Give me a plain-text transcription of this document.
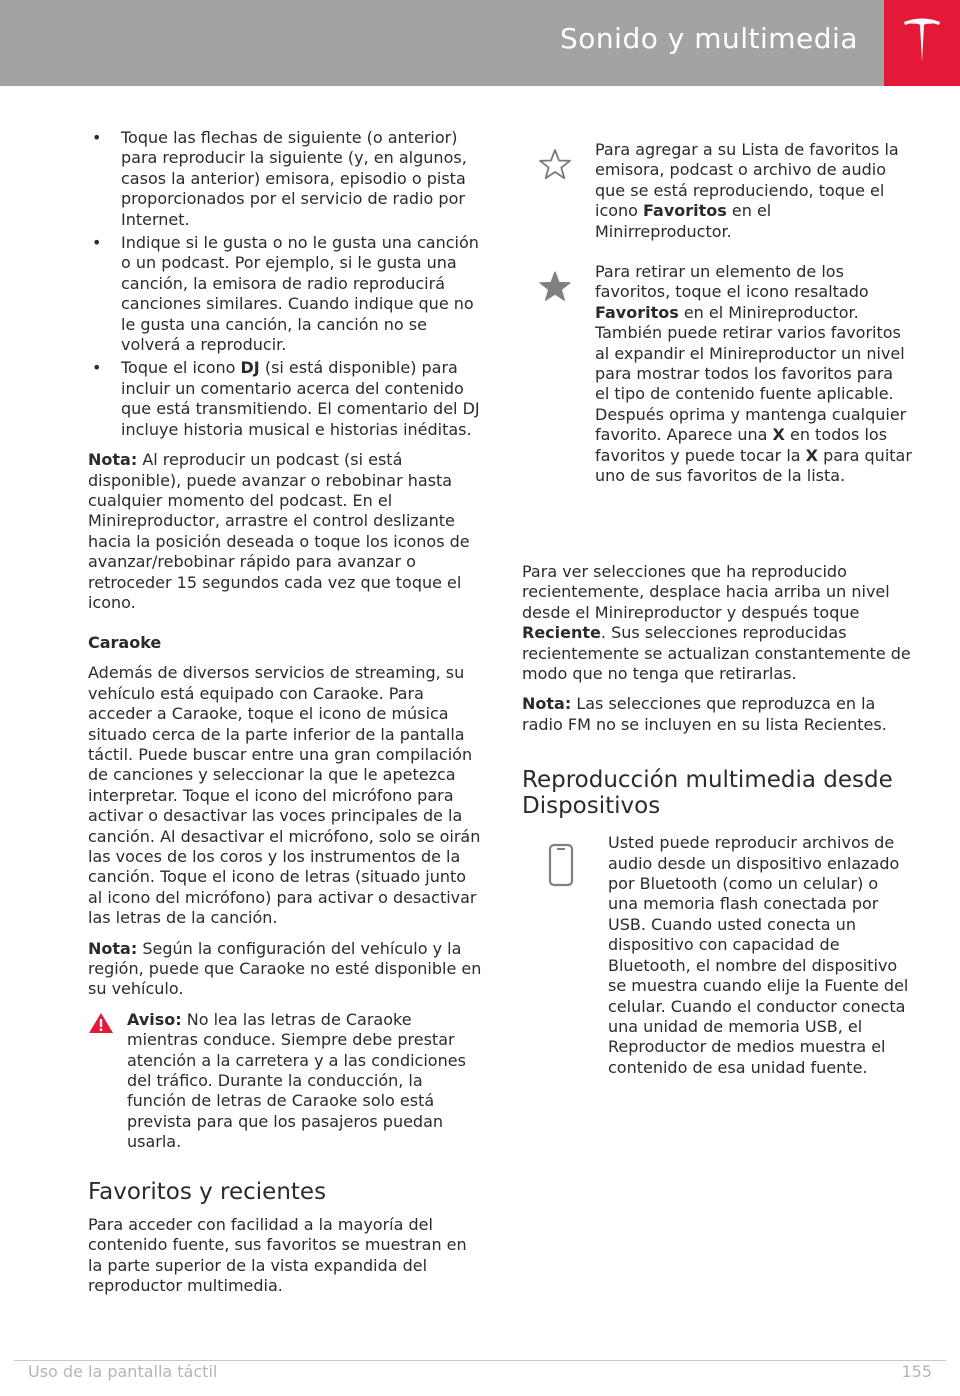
Sonido y multimedia
• Toque las flechas de siguiente (o anterior) para reproducir la siguiente (y, en algunos, casos la anterior) emisora, episodio o pista proporcionados por el servicio de radio por Internet.
• Indique si le gusta o no le gusta una canción o un podcast. Por ejemplo, si le gusta una canción, la emisora de radio reproducirá canciones similares. Cuando indique que no le gusta una canción, la canción no se volverá a reproducir.
• Toque el icono DJ (si está disponible) para incluir un comentario acerca del contenido que está transmitiendo. El comentario del DJ incluye historia musical e historias inéditas.

Nota: Al reproducir un podcast (si está disponible), puede avanzar o rebobinar hasta cualquier momento del podcast. En el Minireproductor, arrastre el control deslizante hacia la posición deseada o toque los iconos de avanzar/rebobinar rápido para avanzar o retroceder 15 segundos cada vez que toque el icono.

Caraoke

Además de diversos servicios de streaming, su vehículo está equipado con Caraoke. Para acceder a Caraoke, toque el icono de música situado cerca de la parte inferior de la pantalla táctil. Puede buscar entre una gran compilación de canciones y seleccionar la que le apetezca interpretar. Toque el icono del micrófono para activar o desactivar las voces principales de la canción. Al desactivar el micrófono, solo se oirán las voces de los coros y los instrumentos de la canción. Toque el icono de letras (situado junto al icono del micrófono) para activar o desactivar las letras de la canción.

Nota: Según la configuración del vehículo y la región, puede que Caraoke no esté disponible en su vehículo.

Aviso: No lea las letras de Caraoke mientras conduce. Siempre debe prestar atención a la carretera y a las condiciones del tráfico. Durante la conducción, la función de letras de Caraoke solo está prevista para que los pasajeros puedan usarla.

Favoritos y recientes

Para acceder con facilidad a la mayoría del contenido fuente, sus favoritos se muestran en la parte superior de la vista expandida del reproductor multimedia.

Para agregar a su Lista de favoritos la emisora, podcast o archivo de audio que se está reproduciendo, toque el icono Favoritos en el Minirreproductor.

Para retirar un elemento de los favoritos, toque el icono resaltado Favoritos en el Minireproductor. También puede retirar varios favoritos al expandir el Minireproductor un nivel para mostrar todos los favoritos para el tipo de contenido fuente aplicable. Después oprima y mantenga cualquier favorito. Aparece una X en todos los favoritos y puede tocar la X para quitar uno de sus favoritos de la lista.

Para ver selecciones que ha reproducido recientemente, desplace hacia arriba un nivel desde el Minireproductor y después toque Reciente. Sus selecciones reproducidas recientemente se actualizan constantemente de modo que no tenga que retirarlas.

Nota: Las selecciones que reproduzca en la radio FM no se incluyen en su lista Recientes.

Reproducción multimedia desde Dispositivos

Usted puede reproducir archivos de audio desde un dispositivo enlazado por Bluetooth (como un celular) o una memoria flash conectada por USB. Cuando usted conecta un dispositivo con capacidad de Bluetooth, el nombre del dispositivo se muestra cuando elije la Fuente del celular. Cuando el conductor conecta una unidad de memoria USB, el Reproductor de medios muestra el contenido de esa unidad fuente.

Uso de la pantalla táctil	155
